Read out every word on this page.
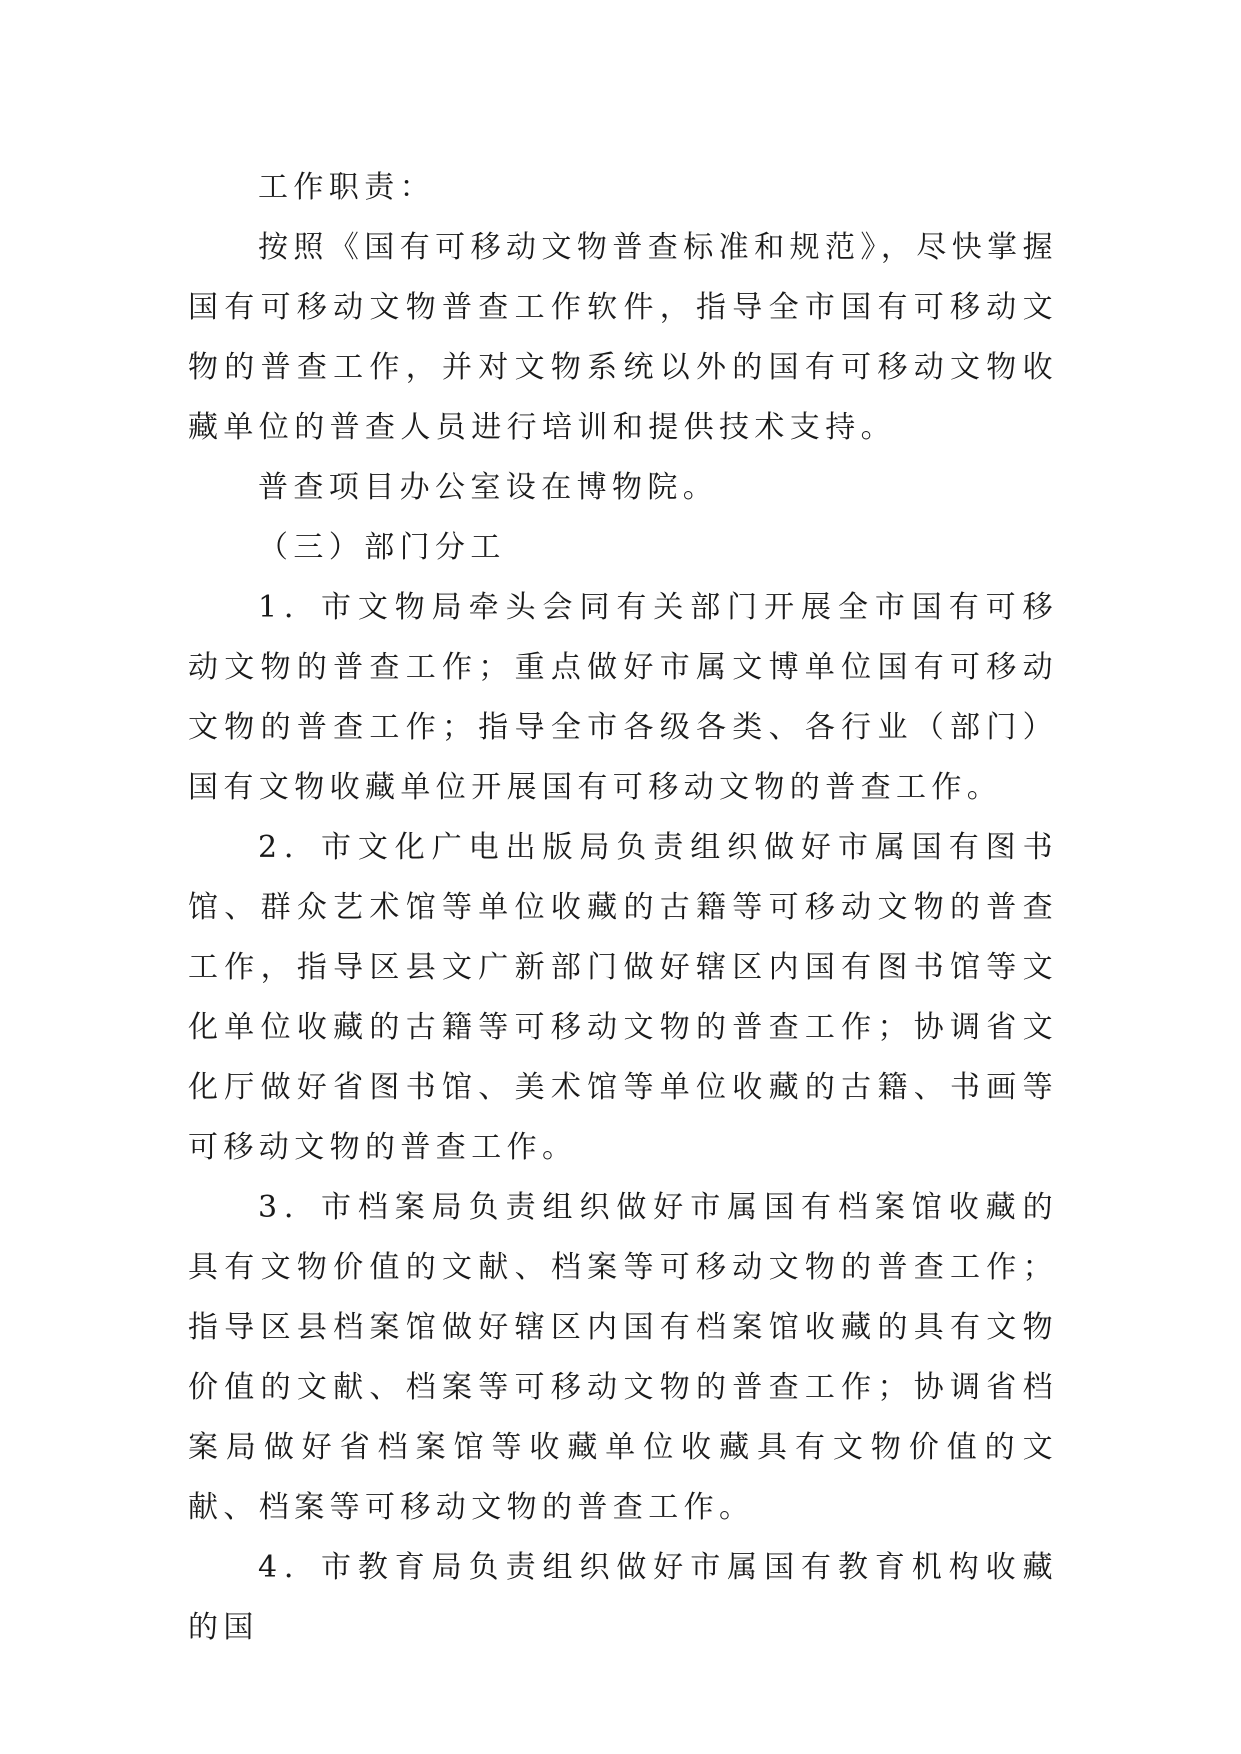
工作职责：

按照《国有可移动文物普查标准和规范》，尽快掌握国有可移动文物普查工作软件，指导全市国有可移动文物的普查工作，并对文物系统以外的国有可移动文物收藏单位的普查人员进行培训和提供技术支持。

普查项目办公室设在博物院。

（三）部门分工

1．市文物局牵头会同有关部门开展全市国有可移动文物的普查工作；重点做好市属文博单位国有可移动文物的普查工作；指导全市各级各类、各行业（部门）国有文物收藏单位开展国有可移动文物的普查工作。

2．市文化广电出版局负责组织做好市属国有图书馆、群众艺术馆等单位收藏的古籍等可移动文物的普查工作，指导区县文广新部门做好辖区内国有图书馆等文化单位收藏的古籍等可移动文物的普查工作；协调省文化厅做好省图书馆、美术馆等单位收藏的古籍、书画等可移动文物的普查工作。

3．市档案局负责组织做好市属国有档案馆收藏的具有文物价值的文献、档案等可移动文物的普查工作；指导区县档案馆做好辖区内国有档案馆收藏的具有文物价值的文献、档案等可移动文物的普查工作；协调省档案局做好省档案馆等收藏单位收藏具有文物价值的文献、档案等可移动文物的普查工作。

4．市教育局负责组织做好市属国有教育机构收藏的国
